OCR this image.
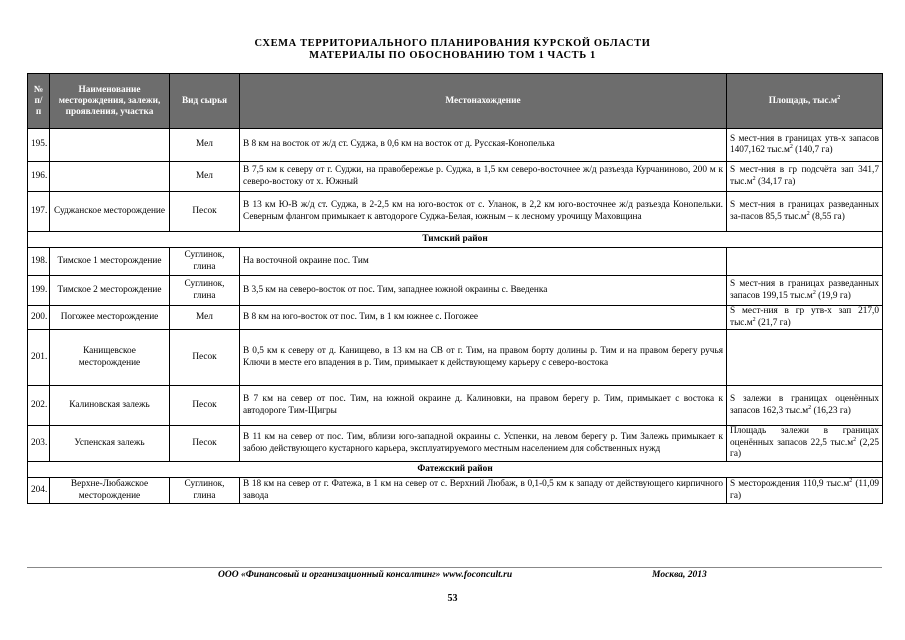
СХЕМА ТЕРРИТОРИАЛЬНОГО ПЛАНИРОВАНИЯ КУРСКОЙ ОБЛАСТИ
МАТЕРИАЛЫ ПО ОБОСНОВАНИЮ ТОМ 1 ЧАСТЬ 1
№ п/ п	Наименование месторождения, залежи, проявления, участка	Вид сырья	Местонахождение	Площадь, $тыс.м^2$
195.		Мел	В 8 км на восток от ж/д ст. Суджа, в 0,6 км на восток от д. Русская-Конопелька	S мест-ния в границах утв-х запасов 1407,162 $тыс.м^2$ (140,7 га)
196.		Мел	В 7,5 км к северу от г. Суджи, на правобережье р. Суджа, в 1,5 км северо-восточнее ж/д разъезда Курчаниново, 200 м к северо-востоку от х. Южный	S мест-ния в гр подсчёта зап 341,7 $тыс.м^2$ (34,17 га)
197.	Суджанское месторождение	Песок	В 13 км Ю-В ж/д ст. Суджа, в 2-2,5 км на юго-восток от с. Уланок, в 2,2 км юго-восточнее ж/д разъезда Конопельки. Северным флангом примыкает к автодороге Суджа-Белая, южным – к лесному урочищу Маховщина	S мест-ния в границах разведанных за-пасов 85,5 $тыс.м^2$ (8,55 га)
Тимский район				
198.	Тимское 1 месторождение	Суглинок, глина	На восточной окраине пос. Тим	
199.	Тимское 2 месторождение	Суглинок, глина	В 3,5 км на северо-восток от пос. Тим, западнее южной окраины с. Введенка	S мест-ния в границах разведанных запасов 199,15 $тыс.м^2$ (19,9 га)
200.	Погожее месторождение	Мел	В 8 км на юго-восток от пос. Тим, в 1 км южнее с. Погожее	S мест-ния в гр утв-х зап 217,0 $тыс.м^2$ (21,7 га)
201.	Канищевское месторождение	Песок	В 0,5 км к северу от д. Канищево, в 13 км на СВ от г. Тим, на правом борту долины р. Тим и на правом берегу ручья Ключи в месте его впадения в р. Тим, примыкает к действующему карьеру с северо-востока	
202.	Калиновская залежь	Песок	В 7 км на север от пос. Тим, на южной окраине д. Калиновки, на правом берегу р. Тим, примыкает с востока к автодороге Тим-Щигры	S залежи в границах оценённых запасов 162,3 $тыс.м^2$ (16,23 га)
203.	Успенская залежь	Песок	В 11 км на север от пос. Тим, вблизи юго-западной окраины с. Успенки, на левом берегу р. Тим Залежь примыкает к забою действующего кустарного карьера, эксплуатируемого местным населением для собственных нужд	Площадь залежи в границах оценённых запасов 22,5 $тыс.м^2$ (2,25 га)
Фатежский район				
204.	Верхне-Любажское месторождение	Суглинок, глина	В 18 км на север от г. Фатежа, в 1 км на север от с. Верхний Любаж, в 0,1-0,5 км к западу от действующего кирпичного завода	S месторождения 110,9 $тыс.м^2$ (11,09 га)
ООО «Финансовый и организационный консалтинг» www.foconcult.ru	Москва, 2013
53
